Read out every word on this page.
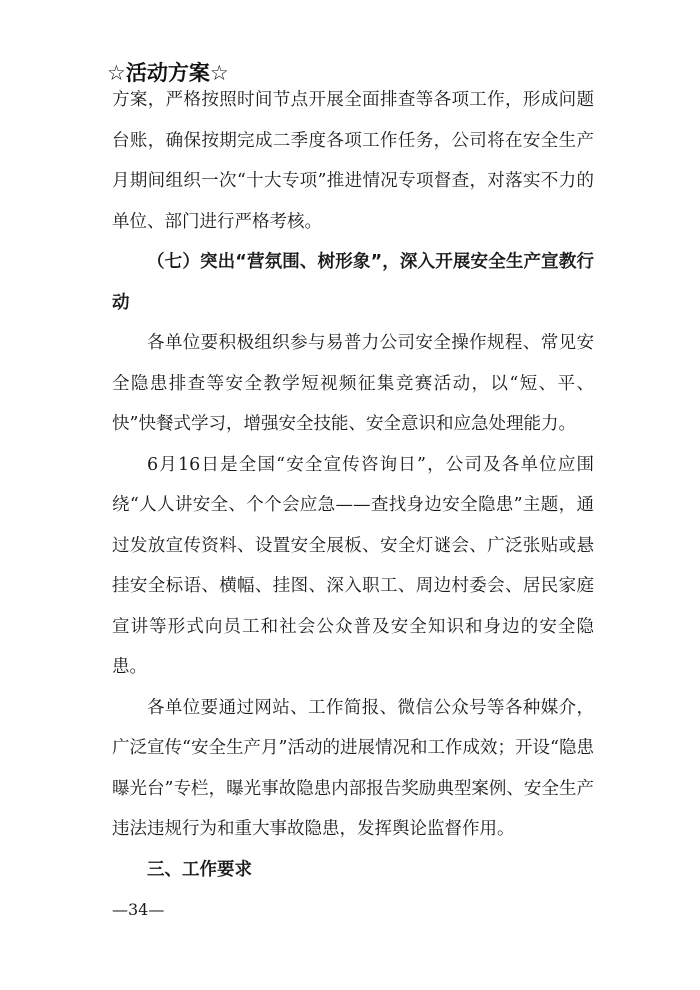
☆活动方案☆

方案，严格按照时间节点开展全面排查等各项工作，形成问题台账，确保按期完成二季度各项工作任务，公司将在安全生产月期间组织一次“十大专项”推进情况专项督查，对落实不力的单位、部门进行严格考核。

（七）突出“营氛围、树形象”，深入开展安全生产宣教行动

各单位要积极组织参与易普力公司安全操作规程、常见安全隐患排查等安全教学短视频征集竞赛活动，以“短、平、快”快餐式学习，增强安全技能、安全意识和应急处理能力。

6月16日是全国“安全宣传咨询日”，公司及各单位应围绕“人人讲安全、个个会应急——查找身边安全隐患”主题，通过发放宣传资料、设置安全展板、安全灯谜会、广泛张贴或悬挂安全标语、横幅、挂图、深入职工、周边村委会、居民家庭宣讲等形式向员工和社会公众普及安全知识和身边的安全隐患。

各单位要通过网站、工作简报、微信公众号等各种媒介，广泛宣传“安全生产月”活动的进展情况和工作成效；开设“隐患曝光台”专栏，曝光事故隐患内部报告奖励典型案例、安全生产违法违规行为和重大事故隐患，发挥舆论监督作用。

三、工作要求

—34—
